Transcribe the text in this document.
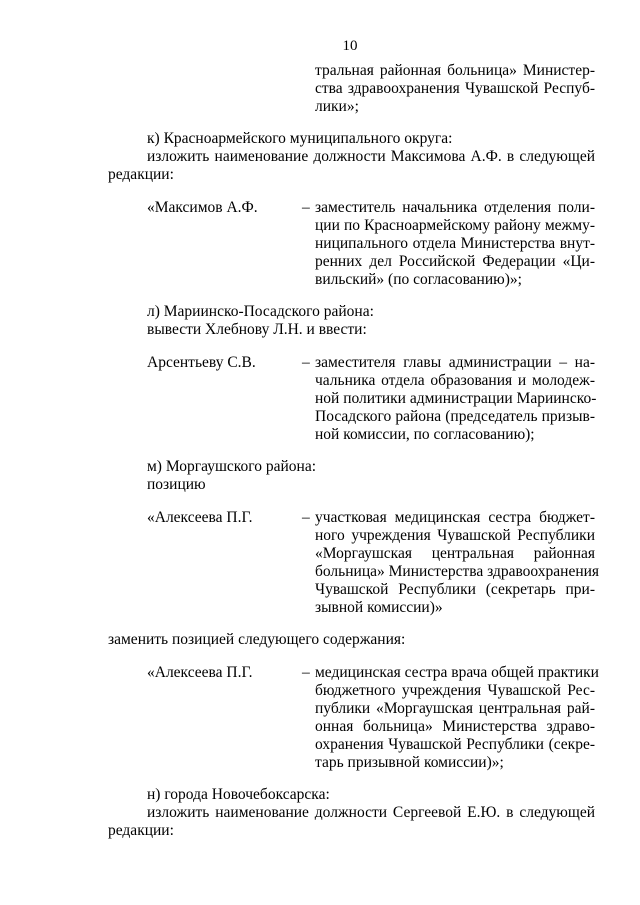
10
тральная районная больница» Министер-
ства здравоохранения Чувашской Респуб-
лики»;
к) Красноармейского муниципального округа:
изложить наименование должности Максимова А.Ф. в следующей
редакции:
«Максимов А.Ф.	– заместитель начальника отделения поли-
ции по Красноармейскому району межму-
ниципального отдела Министерства внут-
ренних дел Российской Федерации «Ци-
вильский» (по согласованию)»;
л) Мариинско-Посадского района:
вывести Хлебнову Л.Н. и ввести:
Арсентьеву С.В.	– заместителя главы администрации – на-
чальника отдела образования и молодеж-
ной политики администрации Мариинско-
Посадского района (председатель призыв-
ной комиссии, по согласованию);
м) Моргаушского района:
позицию
«Алексеева П.Г.	– участковая медицинская сестра бюджет-
ного учреждения Чувашской Республики
«Моргаушская центральная районная
больница» Министерства здравоохранения
Чувашской Республики (секретарь при-
зывной комиссии)»
заменить позицией следующего содержания:
«Алексеева П.Г.	– медицинская сестра врача общей практики
бюджетного учреждения Чувашской Рес-
публики «Моргаушская центральная рай-
онная больница» Министерства здраво-
охранения Чувашской Республики (секре-
тарь призывной комиссии)»;
н) города Новочебоксарска:
изложить наименование должности Сергеевой Е.Ю. в следующей
редакции:
